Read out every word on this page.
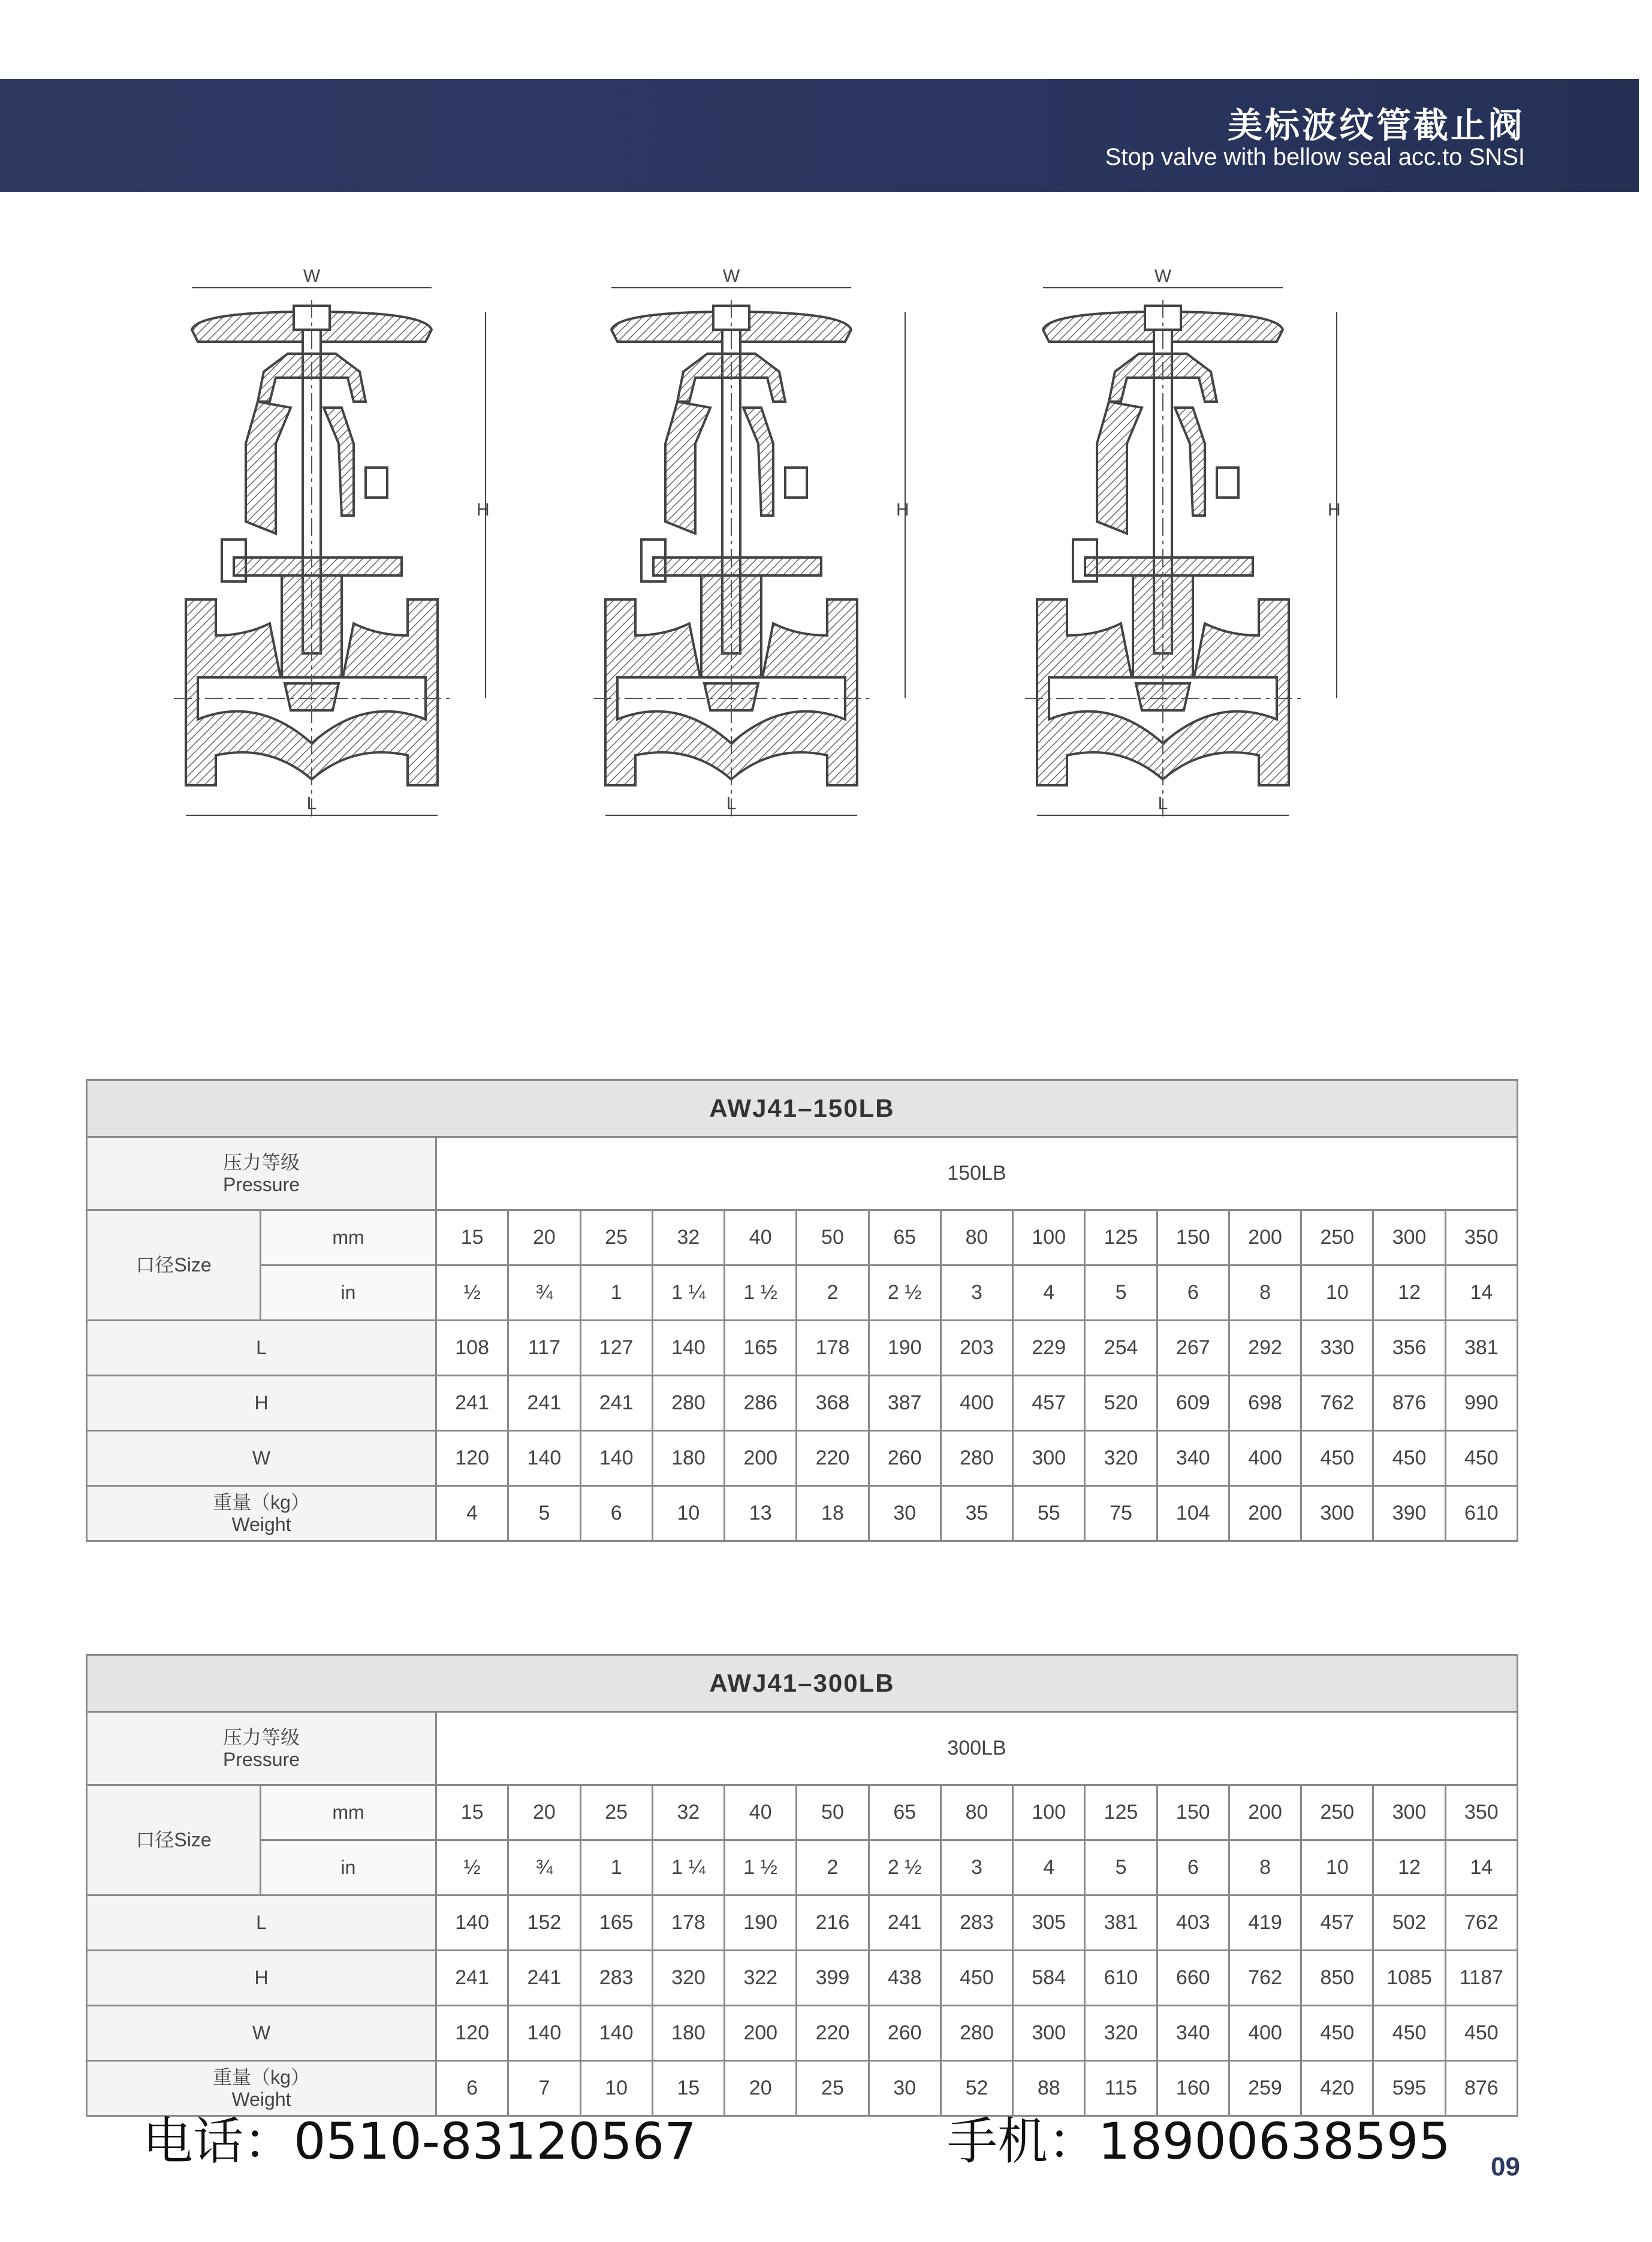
美标波纹管截止阀
Stop valve with bellow seal acc.to SNSI
W	W	W
H	H	H
L	L	L
AWJ41–150LB																

压力等级
Pressure		150LB														
口径Size	mm	15	20	25	32	40	50	65	80	100	125	150	200	250	300	350
	in	½	¾	1	1 ¼	1 ½	2	2 ½	3	4	5	6	8	10	12	14
L		108	117	127	140	165	178	190	203	229	254	267	292	330	356	381
H		241	241	241	280	286	368	387	400	457	520	609	698	762	876	990
W		120	140	140	180	200	220	260	280	300	320	340	400	450	450	450

重量（kg）
Weight		4	5	6	10	13	18	30	35	55	75	104	200	300	390	610
AWJ41–300LB																

压力等级
Pressure		300LB														
口径Size	mm	15	20	25	32	40	50	65	80	100	125	150	200	250	300	350
	in	½	¾	1	1 ¼	1 ½	2	2 ½	3	4	5	6	8	10	12	14
L		140	152	165	178	190	216	241	283	305	381	403	419	457	502	762
H		241	241	283	320	322	399	438	450	584	610	660	762	850	1085	1187
W		120	140	140	180	200	220	260	280	300	320	340	400	450	450	450

重量（kg）
Weight		6	7	10	15	20	25	30	52	88	115	160	259	420	595	876
电话：0510-83120567	手机：18900638595 09
